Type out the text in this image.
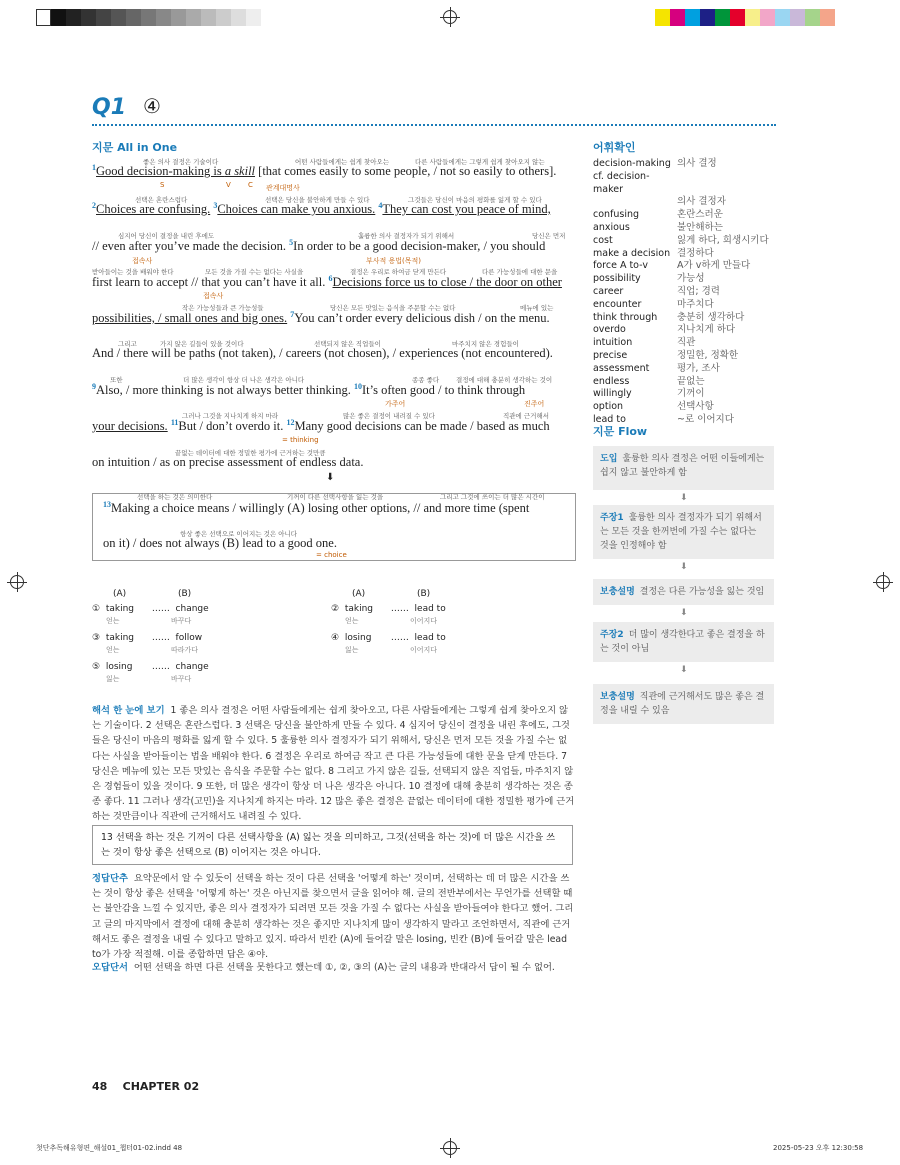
Q1 ④
지문 All in One	어휘확인
좋은 의사 결정은 기술이다	어떤 사람들에게는 쉽게 찾아오는	다른 사람들에게는 그렇게 쉽게 찾아오지 않는
$^1$Good decision-making is a skill [that comes easily to some people, / not so easily to others].
S	V C 관계대명사
선택은 혼란스럽다	선택은 당신을 불안하게 만들 수 있다	그것들은 당신이 마음의 평화를 잃게 할 수 있다
$^2$Choices are confusing. $^3$Choices can make you anxious. $^4$They can cost you peace of mind,
심지어 당신이 결정을 내린 후에도	훌륭한 의사 결정자가 되기 위해서	당신은 먼저
// even after you’ve made the decision. $^5$In order to be a good decision-maker, / you should
접속사	부사적 용법(목적)
받아들이는 것을 배워야 한다	모든 것을 가질 수는 없다는 사실을	결정은 우리로 하여금 닫게 만든다	다른 가능성들에 대한 문을
first learn to accept // that you can’t have it all. $^6$Decisions force us to close / the door on other
접속사
작은 가능성들과 큰 가능성들	당신은 모든 맛있는 음식을 주문할 수는 없다	메뉴에 있는
possibilities, / small ones and big ones. $^7$You can’t order every delicious dish / on the menu.
그리고	가지 않은 길들이 있을 것이다	선택되지 않은 직업들이	마주치지 않은 경험들이
And / there will be paths (not taken), / careers (not chosen), / experiences (not encountered).
또한	더 많은 생각이 항상 더 나은 생각은 아니다	종종 좋다	결정에 대해 충분히 생각하는 것이
$^9$Also, / more thinking is not always better thinking. $^{10}$It’s often good / to think through
가주어	진주어
그러나 그것을 지나치게 하지 마라	많은 좋은 결정이 내려질 수 있다	직관에 근거해서
your decisions. $^{11}$But / don’t overdo it. $^{12}$Many good decisions can be made / based as much
= thinking
끝없는 데이터에 대한 정밀한 평가에 근거하는 것만큼
on intuition / as on precise assessment of endless data.
⬇
선택을 하는 것은 의미한다	기꺼이 다른 선택사항을 잃는 것을	그리고 그것에 쓰이는 더 많은 시간이
$^{13}$Making a choice means / willingly (A) losing other options, // and more time (spent
항상 좋은 선택으로 이어지는 것은 아니다
on it) / does not always (B) lead to a good one.
= choice
(A)	(B)	(A)	(B)
① taking ……  change
얻는	바꾸다
② taking ……  lead to
얻는	이어지다
③ taking ……  follow
얻는	따라가다
④ losing ……  lead to
잃는	이어지다
⑤ losing ……  change
잃는	바꾸다
해석 한 눈에 보기 1 좋은 의사 결정은 어떤 사람들에게는 쉽게 찾아오고, 다른 사람들에게는 그렇게 쉽게 찾아오지 않는 기술이다. 2 선택은 혼란스럽다. 3 선택은 당신을 불안하게 만들 수 있다. 4 심지어 당신이 결정을 내린 후에도, 그것들은 당신이 마음의 평화를 잃게 할 수 있다. 5 훌륭한 의사 결정자가 되기 위해서, 당신은 먼저 모든 것을 가질 수는 없다는 사실을 받아들이는 법을 배워야 한다. 6 결정은 우리로 하여금 작고 큰 다른 가능성들에 대한 문을 닫게 만든다. 7 당신은 메뉴에 있는 모든 맛있는 음식을 주문할 수는 없다. 8 그리고 가지 않은 길들, 선택되지 않은 직업들, 마주치지 않은 경험들이 있을 것이다. 9 또한, 더 많은 생각이 항상 더 나은 생각은 아니다. 10 결정에 대해 충분히 생각하는 것은 종종 좋다. 11 그러나 생각(고민)을 지나치게 하지는 마라. 12 많은 좋은 결정은 끝없는 데이터에 대한 정밀한 평가에 근거하는 것만큼이나 직관에 근거해서도 내려질 수 있다.
13 선택을 하는 것은 기꺼이 다른 선택사항을 (A) 잃는 것을 의미하고, 그것(선택을 하는 것)에 더 많은 시간을 쓰는 것이 항상 좋은 선택으로 (B) 이어지는 것은 아니다.
정답단추 요약문에서 알 수 있듯이 선택을 하는 것이 다른 선택을 '어떻게 하는' 것이며, 선택하는 데 더 많은 시간을 쓰는 것이 항상 좋은 선택을 '어떻게 하는' 것은 아닌지를 찾으면서 글을 읽어야 해. 글의 전반부에서는 무언가를 선택할 때는 불안감을 느낄 수 있지만, 좋은 의사 결정자가 되려면 모든 것을 가질 수 없다는 사실을 받아들여야 한다고 했어. 그리고 글의 마지막에서 결정에 대해 충분히 생각하는 것은 좋지만 지나치게 많이 생각하지 말라고 조언하면서, 직관에 근거해서도 좋은 결정을 내릴 수 있다고 말하고 있지. 따라서 빈칸 (A)에 들어갈 말은 losing, 빈칸 (B)에 들어갈 말은 lead to가 가장 적절해. 이를 종합하면 답은 ④야.
오답단서 어떤 선택을 하면 다른 선택을 못한다고 했는데 ①, ②, ③의 (A)는 글의 내용과 반대라서 답이 될 수 없어.
decision-making 의사 결정
cf. decision-maker
의사 결정자
confusing	혼란스러운
anxious	불안해하는
cost	잃게 하다, 희생시키다
make a decision 결정하다
force A to-v	A가 v하게 만들다
possibility	가능성
career	직업; 경력
encounter	마주치다
think through	충분히 생각하다
overdo	지나치게 하다
intuition	직관
precise	정밀한, 정확한
assessment	평가, 조사
endless	끝없는
willingly	기꺼이
option	선택사항
lead to	~로 이어지다
지문 Flow
도입 훌륭한 의사 결정은 어떤 이들에게는 쉽지 않고 불안하게 함
⬇
주장1 훌륭한 의사 결정자가 되기 위해서는 모든 것을 한꺼번에 가질 수는 없다는 것을 인정해야 함
⬇
보충설명 결정은 다른 가능성을 잃는 것임
⬇
주장2 더 많이 생각한다고 좋은 결정을 하는 것이 아님
⬇
보충설명 직관에 근거해서도 많은 좋은 결정을 내릴 수 있음
48 CHAPTER 02
첫단추독해유형편_해설01_챕터01-02.indd 48	2025-05-23 오후 12:30:58
